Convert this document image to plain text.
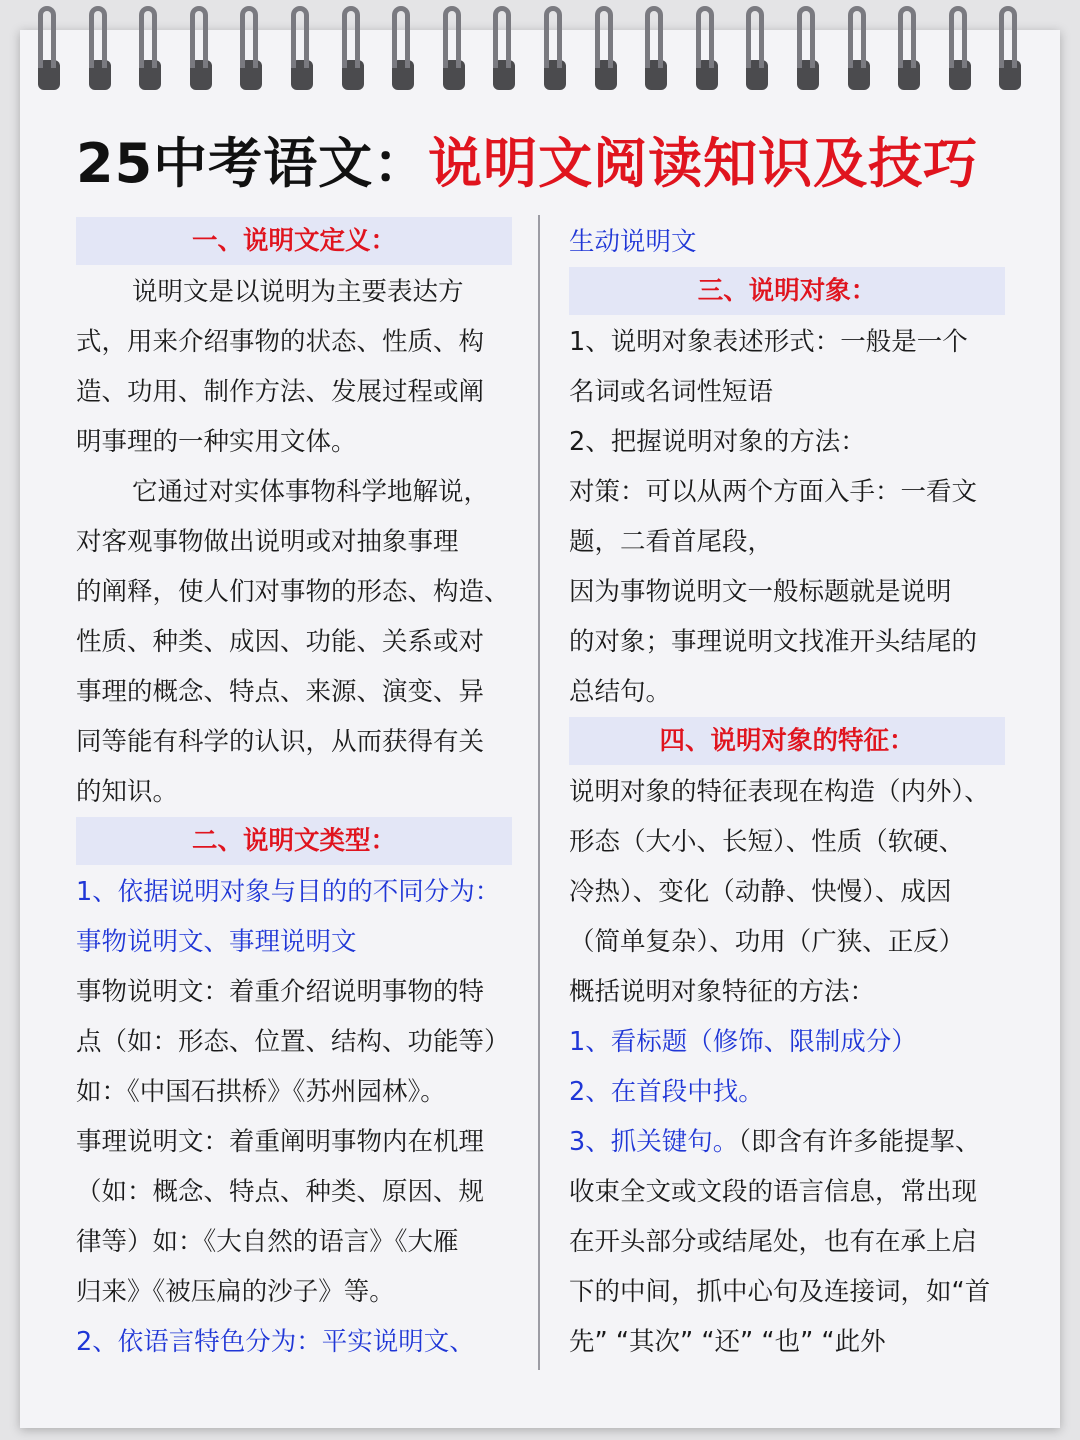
25中考语文：说明文阅读知识及技巧
一、说明文定义：
说明文是以说明为主要表达方
式，用来介绍事物的状态、性质、构
造、功用、制作方法、发展过程或阐
明事理的一种实用文体。
它通过对实体事物科学地解说，
对客观事物做出说明或对抽象事理
的阐释，使人们对事物的形态、构造、
性质、种类、成因、功能、关系或对
事理的概念、特点、来源、演变、异
同等能有科学的认识，从而获得有关
的知识。
二、说明文类型：
1、依据说明对象与目的的不同分为：
事物说明文、事理说明文
事物说明文：着重介绍说明事物的特
点（如：形态、位置、结构、功能等）
如：《中国石拱桥》《苏州园林》。
事理说明文：着重阐明事物内在机理
（如：概念、特点、种类、原因、规
律等）如：《大自然的语言》《大雁
归来》《被压扁的沙子》等。
2、依语言特色分为：平实说明文、
生动说明文
三、说明对象：
1、说明对象表述形式：一般是一个
名词或名词性短语
2、把握说明对象的方法：
对策：可以从两个方面入手：一看文
题，二看首尾段，
因为事物说明文一般标题就是说明
的对象；事理说明文找准开头结尾的
总结句。
四、说明对象的特征：
说明对象的特征表现在构造（内外）、
形态（大小、长短）、性质（软硬、
冷热）、变化（动静、快慢）、成因
（简单复杂）、功用（广狭、正反）
概括说明对象特征的方法：
1、看标题（修饰、限制成分）
2、在首段中找。
3、抓关键句。（即含有许多能提挈、
收束全文或文段的语言信息，常出现
在开头部分或结尾处，也有在承上启
下的中间，抓中心句及连接词，如“首
先” “其次” “还” “也” “此外
